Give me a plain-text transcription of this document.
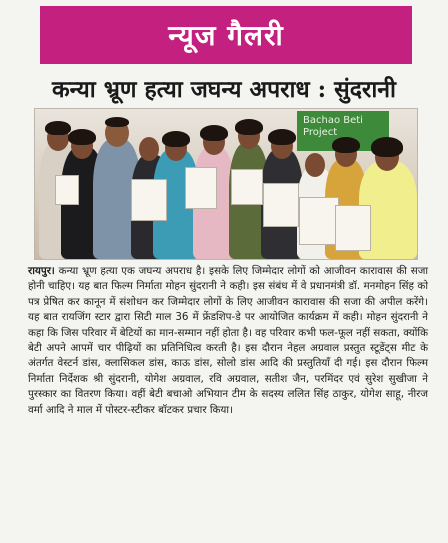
न्यूज गैलरी
कन्या भ्रूण हत्या जघन्य अपराध : सुंदरानी
Bachao Beti Project

रायपुर। कन्या भ्रूण हत्या एक जघन्य अपराध है। इसके लिए जिम्मेदार लोगों को आजीवन कारावास की सजा होनी चाहिए। यह बात फिल्म निर्माता मोहन सुंदरानी ने कही। इस संबंध में वे प्रधानमंत्री डॉ. मनमोहन सिंह को पत्र प्रेषित कर कानून में संशोधन कर जिम्मेदार लोगों के लिए आजीवन कारावास की सजा की अपील करेंगे। यह बात रायजिंग स्टार द्वारा सिटी माल 36 में फ्रेंडशिप-डे पर आयोजित कार्यक्रम में कही। मोहन सुंदरानी ने कहा कि जिस परिवार में बेटियों का मान-सम्मान नहीं होता है। वह परिवार कभी फल-फूल नहीं सकता, क्योंकि बेटी अपने आपमें चार पीढ़ियों का प्रतिनिधित्व करती है। इस दौरान नेहल अग्रवाल प्रस्तुत स्टूडेंट्स मीट के अंतर्गत वेस्टर्न डांस, क्लासिकल डांस, काऊ डांस, सोलो डांस आदि की प्रस्तुतियाँ दी गई। इस दौरान फिल्म निर्माता निर्देशक श्री सुंदरानी, योगेश अग्रवाल, रवि अग्रवाल, सतीश जैन, परमिंदर एवं सुरेश सुखीजा ने पुरस्कार का वितरण किया। वहीं बेटी बचाओ अभियान टीम के सदस्य ललित सिंह ठाकुर, योगेश साहू, नीरज वर्मा आदि ने माल में पोस्टर-स्टीकर बॉटकर प्रचार किया।
